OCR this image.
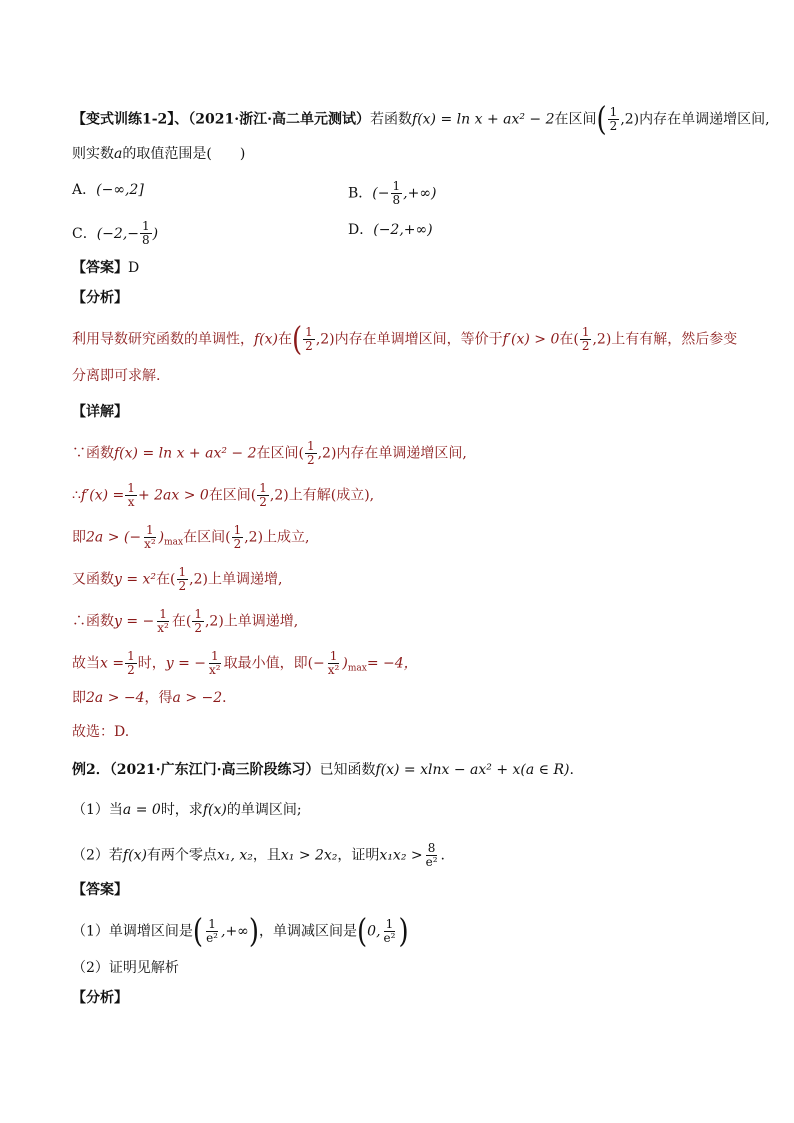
【变式训练1-2】、（2021·浙江·高二单元测试）若函数f(x) = ln x + ax² − 2在区间( $\frac{1}{2} ,2$)内存在单调递增区间,
则实数a的取值范围是(　　)
A．(−∞,2]	B．(− $\frac{1}{8}$ ,+∞)
C．($-2,- \frac{1}{8}$ )	D．(−2,+∞)
【答案】D
【分析】
利用导数研究函数的单调性，f(x)在( $\frac{1}{2} ,2$)内存在单调增区间，等价于f′(x) > 0在( $\frac{1}{2} ,2$)上有有解，然后参变
分离即可求解.
【详解】
∵函数f(x) = ln x + ax² − 2在区间( $\frac{1}{2} ,2$)内存在单调递增区间,
∴f′(x) = $\frac{1}{x} + 2ax > 0$在区间( $\frac{1}{2} ,2$)上有解(成立),
即2a > (− $\frac{1}{\text{x²}} )_{max}$在区间( $\frac{1}{2} ,2$)上成立,
又函数y = x²在( $\frac{1}{2} ,2$)上单调递增,
∴函数y = − $\frac{1}{\text{x²}}$ 在( $\frac{1}{2} ,2$)上单调递增,
故当$x = \frac{1}{2}$ 时，y = − $\frac{1}{\text{x²}}$ 取最小值，即(− $\frac{1}{\text{x²}} )_{max}= -4$，
即2a > −4，得a > −2．
故选：D.
例2．（2021·广东江门·高三阶段练习）已知函数f(x) = xlnx − ax² + x(a ∈ R).
（1）当a = 0时，求f(x)的单调区间;
（2）若f(x)有两个零点x₁, x₂，且x₁ > 2x₂，证明$x_1x_2 > \frac{8}{\text{e²}}$ .
【答案】
（1）单调增区间是( $\frac{1}{\text{e²}}$ ,+∞)，单调减区间是(0, $\frac{1}{\text{e²}}$ )
（2）证明见解析
【分析】
